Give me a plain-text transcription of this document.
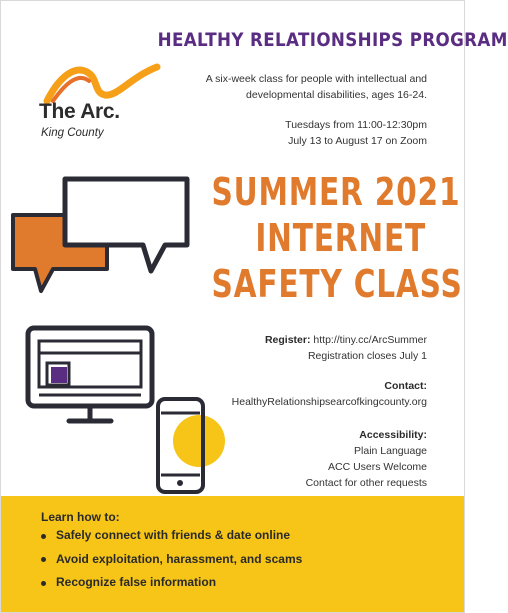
HEALTHY RELATIONSHIPS PROGRAM
The Arc.
King County
A six-week class for people with intellectual and
developmental disabilities, ages 16-24.
Tuesdays from 11:00-12:30pm
July 13 to August 17 on Zoom
SUMMER 2021
INTERNET
SAFETY CLASS
Register: http://tiny.cc/ArcSummer
Registration closes July 1
Contact:
HealthyRelationshipsearcofkingcounty.org
Accessibility:
Plain Language
ACC Users Welcome
Contact for other requests
Learn how to:
Safely connect with friends & date online
Avoid exploitation, harassment, and scams
Recognize false information
